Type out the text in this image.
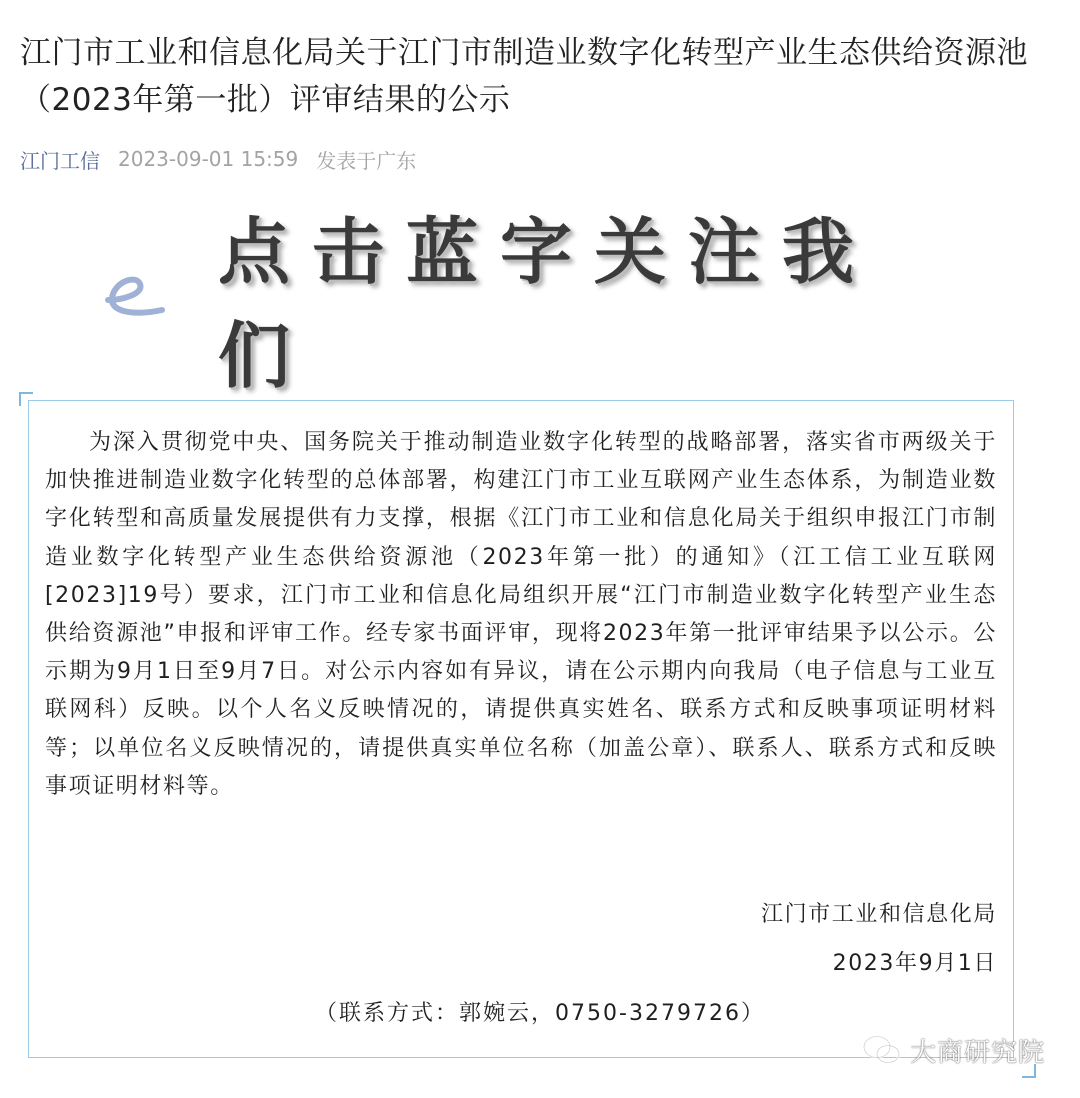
江门市工业和信息化局关于江门市制造业数字化转型产业生态供给资源池（2023年第一批）评审结果的公示
江门工信 2023-09-01 15:59 发表于广东
点击蓝字关注我们
为深入贯彻党中央、国务院关于推动制造业数字化转型的战略部署，落实省市两级关于加快推进制造业数字化转型的总体部署，构建江门市工业互联网产业生态体系，为制造业数字化转型和高质量发展提供有力支撑，根据《江门市工业和信息化局关于组织申报江门市制造业数字化转型产业生态供给资源池（2023年第一批）的通知》（江工信工业互联网[2023]19号）要求，江门市工业和信息化局组织开展“江门市制造业数字化转型产业生态供给资源池”申报和评审工作。经专家书面评审，现将2023年第一批评审结果予以公示。公示期为9月1日至9月7日。对公示内容如有异议，请在公示期内向我局（电子信息与工业互联网科）反映。以个人名义反映情况的，请提供真实姓名、联系方式和反映事项证明材料等；以单位名义反映情况的，请提供真实单位名称（加盖公章）、联系人、联系方式和反映事项证明材料等。
江门市工业和信息化局
2023年9月1日
（联系方式：郭婉云，0750-3279726）
大商研究院
